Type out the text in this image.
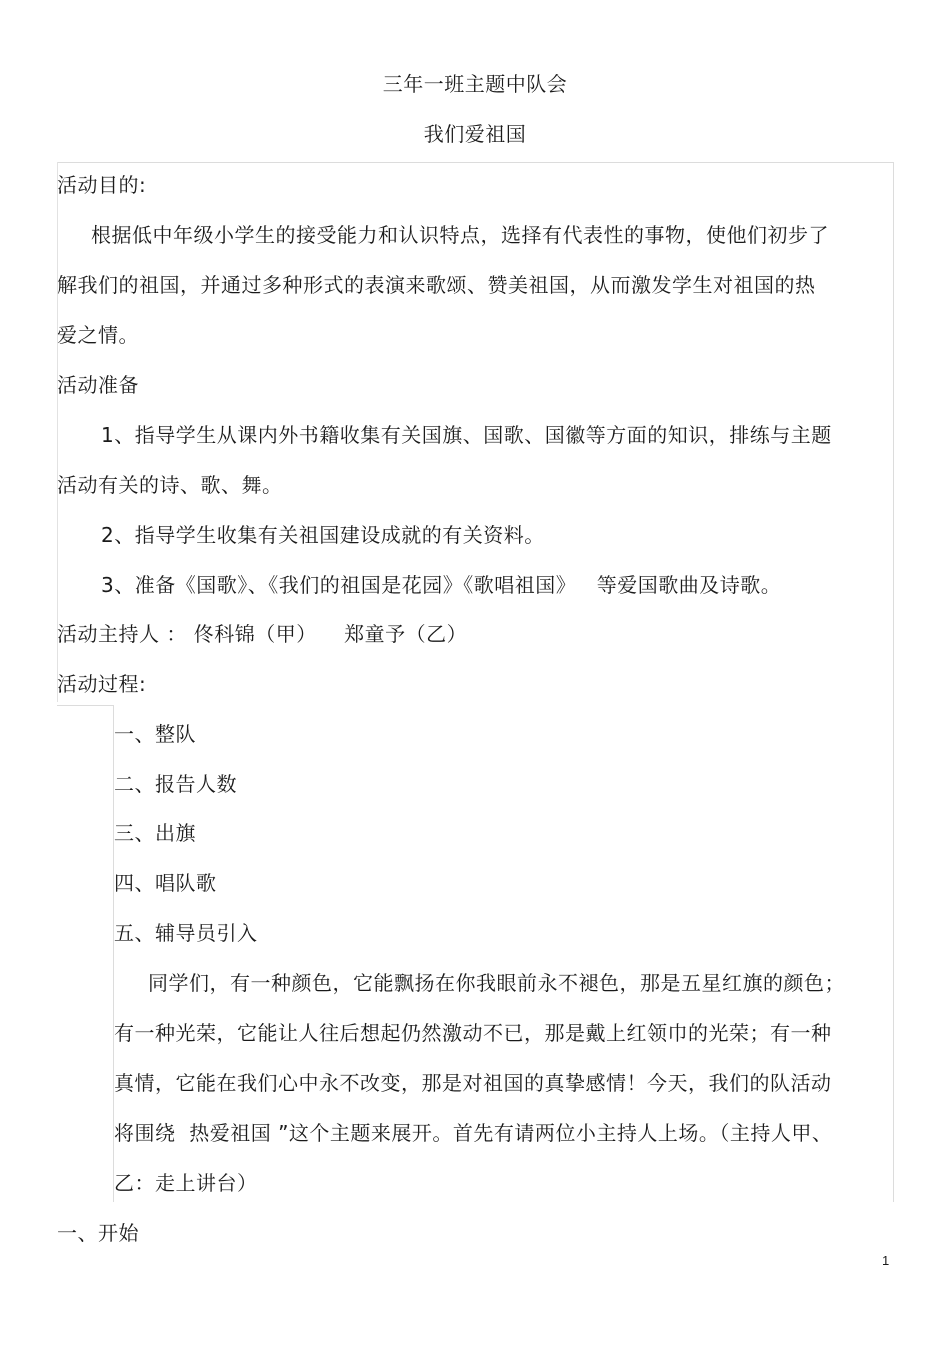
三年一班主题中队会
我们爱祖国
活动目的:
根据低中年级小学生的接受能力和认识特点，选择有代表性的事物，使他们初步了
解我们的祖国，并通过多种形式的表演来歌颂、赞美祖国，从而激发学生对祖国的热
爱之情。
活动准备
1、指导学生从课内外书籍收集有关国旗、国歌、国徽等方面的知识，排练与主题
活动有关的诗、歌、舞。
2、指导学生收集有关祖国建设成就的有关资料。
3、准备《国歌》、《我们的祖国是花园》《歌唱祖国》   等爱国歌曲及诗歌。
活动主持人 ： 佟科锦（甲）    郑童予（乙）
活动过程:
一、整队
二、报告人数
三、出旗
四、唱队歌
五、辅导员引入
同学们，有一种颜色，它能飘扬在你我眼前永不褪色，那是五星红旗的颜色；
有一种光荣，它能让人往后想起仍然激动不已，那是戴上红领巾的光荣；有一种
真情，它能在我们心中永不改变，那是对祖国的真挚感情！今天，我们的队活动
将围绕  热爱祖国 ”这个主题来展开。首先有请两位小主持人上场。（主持人甲、
乙：走上讲台）
一、开始
1
